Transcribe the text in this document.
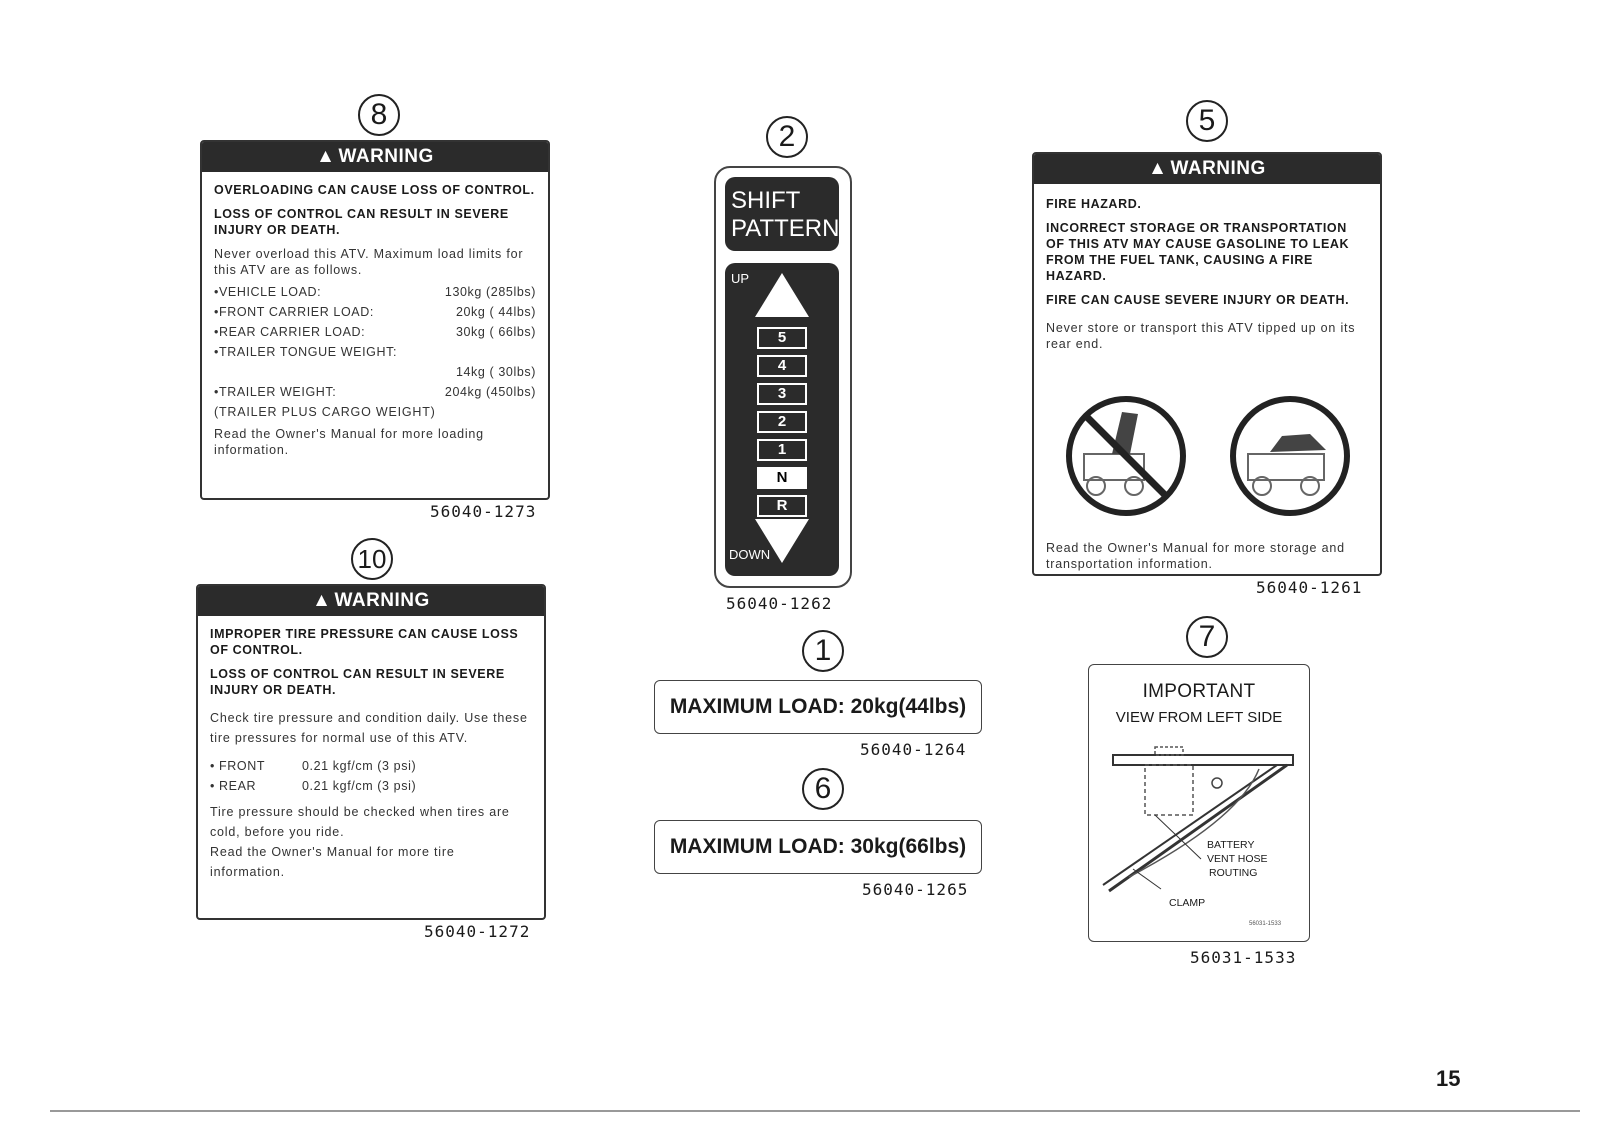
8
▲ WARNING

OVERLOADING CAN CAUSE LOSS OF CONTROL.

LOSS OF CONTROL CAN RESULT IN SEVERE INJURY OR DEATH.

Never overload this ATV. Maximum load limits for this ATV are as follows.

•VEHICLE LOAD:	130kg (285lbs)
•FRONT CARRIER LOAD:	20kg ( 44lbs)
•REAR CARRIER LOAD:	30kg ( 66lbs)
•TRAILER TONGUE WEIGHT:
14kg ( 30lbs)
•TRAILER WEIGHT:	204kg (450lbs)

(TRAILER PLUS CARGO WEIGHT)

Read the Owner's Manual for more loading information.

56040-1273
10
▲ WARNING

IMPROPER TIRE PRESSURE CAN CAUSE LOSS OF CONTROL.

LOSS OF CONTROL CAN RESULT IN SEVERE INJURY OR DEATH.

Check tire pressure and condition daily. Use these tire pressures for normal use of this ATV.

• FRONT	0.21 kgf/cm (3 psi)
• REAR	0.21 kgf/cm (3 psi)

Tire pressure should be checked when tires are cold, before you ride.

Read the Owner's Manual for more tire information.

56040-1272
2
SHIFT
PATTERN
UP
5
4
3
2
1
N
R
DOWN
56040-1262
1
MAXIMUM LOAD: 20kg(44lbs)
56040-1264
6
MAXIMUM LOAD: 30kg(66lbs)
56040-1265
5
▲ WARNING

FIRE HAZARD.

INCORRECT STORAGE OR TRANSPORTATION OF THIS ATV MAY CAUSE GASOLINE TO LEAK FROM THE FUEL TANK, CAUSING A FIRE HAZARD.

FIRE CAN CAUSE SEVERE INJURY OR DEATH.

Never store or transport this ATV tipped up on its rear end.

Read the Owner's Manual for more storage and transportation information.

56040-1261
7
IMPORTANT
VIEW FROM LEFT SIDE
BATTERY
VENT HOSE
ROUTING
CLAMP
56031-1533
56031-1533
15
